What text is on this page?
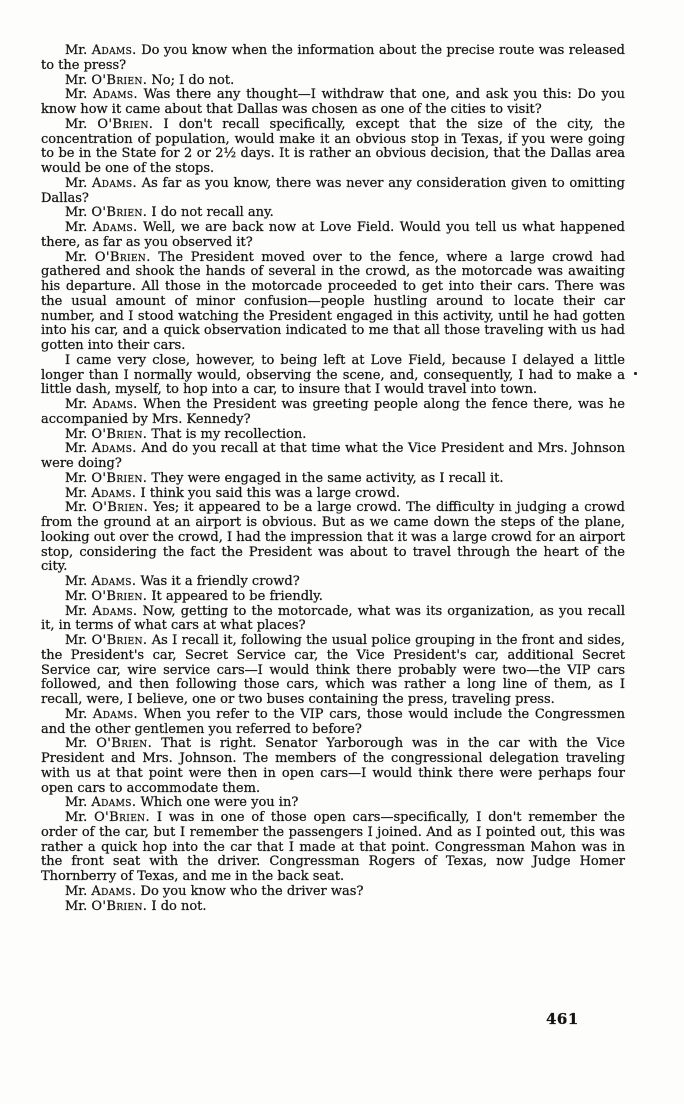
Mr. Adams. Do you know when the information about the precise route was released to the press?

Mr. O'Brien. No; I do not.

Mr. Adams. Was there any thought—I withdraw that one, and ask you this: Do you know how it came about that Dallas was chosen as one of the cities to visit?

Mr. O'Brien. I don't recall specifically, except that the size of the city, the concentration of population, would make it an obvious stop in Texas, if you were going to be in the State for 2 or 2½ days. It is rather an obvious decision, that the Dallas area would be one of the stops.

Mr. Adams. As far as you know, there was never any consideration given to omitting Dallas?

Mr. O'Brien. I do not recall any.

Mr. Adams. Well, we are back now at Love Field. Would you tell us what happened there, as far as you observed it?

Mr. O'Brien. The President moved over to the fence, where a large crowd had gathered and shook the hands of several in the crowd, as the motorcade was awaiting his departure. All those in the motorcade proceeded to get into their cars. There was the usual amount of minor confusion—people hustling around to locate their car number, and I stood watching the President engaged in this activity, until he had gotten into his car, and a quick observation indicated to me that all those traveling with us had gotten into their cars.

I came very close, however, to being left at Love Field, because I delayed a little longer than I normally would, observing the scene, and, consequently, I had to make a little dash, myself, to hop into a car, to insure that I would travel into town.

Mr. Adams. When the President was greeting people along the fence there, was he accompanied by Mrs. Kennedy?

Mr. O'Brien. That is my recollection.

Mr. Adams. And do you recall at that time what the Vice President and Mrs. Johnson were doing?

Mr. O'Brien. They were engaged in the same activity, as I recall it.

Mr. Adams. I think you said this was a large crowd.

Mr. O'Brien. Yes; it appeared to be a large crowd. The difficulty in judging a crowd from the ground at an airport is obvious. But as we came down the steps of the plane, looking out over the crowd, I had the impression that it was a large crowd for an airport stop, considering the fact the President was about to travel through the heart of the city.

Mr. Adams. Was it a friendly crowd?

Mr. O'Brien. It appeared to be friendly.

Mr. Adams. Now, getting to the motorcade, what was its organization, as you recall it, in terms of what cars at what places?

Mr. O'Brien. As I recall it, following the usual police grouping in the front and sides, the President's car, Secret Service car, the Vice President's car, additional Secret Service car, wire service cars—I would think there probably were two—the VIP cars followed, and then following those cars, which was rather a long line of them, as I recall, were, I believe, one or two buses containing the press, traveling press.

Mr. Adams. When you refer to the VIP cars, those would include the Congressmen and the other gentlemen you referred to before?

Mr. O'Brien. That is right. Senator Yarborough was in the car with the Vice President and Mrs. Johnson. The members of the congressional delegation traveling with us at that point were then in open cars—I would think there were perhaps four open cars to accommodate them.

Mr. Adams. Which one were you in?

Mr. O'Brien. I was in one of those open cars—specifically, I don't remember the order of the car, but I remember the passengers I joined. And as I pointed out, this was rather a quick hop into the car that I made at that point. Congressman Mahon was in the front seat with the driver. Congressman Rogers of Texas, now Judge Homer Thornberry of Texas, and me in the back seat.

Mr. Adams. Do you know who the driver was?

Mr. O'Brien. I do not.

461
